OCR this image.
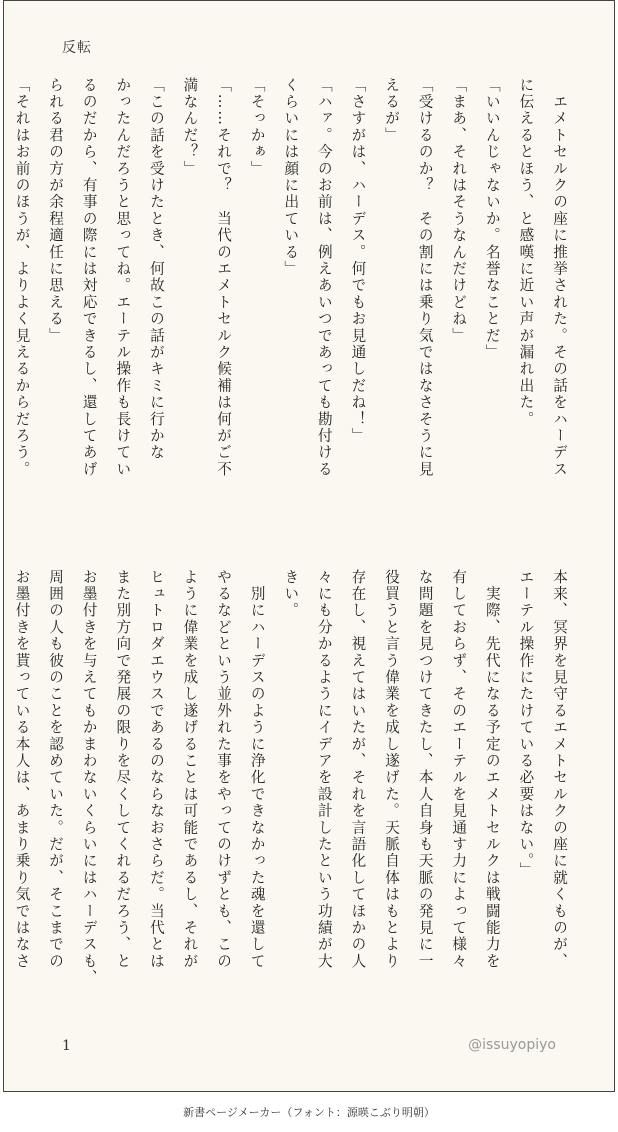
反転
　エメトセルクの座に推挙された。その話をハーデス
に伝えるとほう、と感嘆に近い声が漏れ出た。
「いいんじゃないか。名誉なことだ」
「まあ、それはそうなんだけどね」
「受けるのか？　その割には乗り気ではなさそうに見
えるが」
「さすがは、ハーデス。何でもお見通しだね！」
「ハァ。今のお前は、例えあいつであっても勘付ける
くらいには顔に出ている」
「そっかぁ」
「……それで？　当代のエメトセルク候補は何がご不
満なんだ？」
「この話を受けたとき、何故この話がキミに行かな
かったんだろうと思ってね。エーテル操作も長けてい
るのだから、有事の際には対応できるし、還してあげ
られる君の方が余程適任に思える」
「それはお前のほうが、よりよく見えるからだろう。
本来、冥界を見守るエメトセルクの座に就くものが、
エーテル操作にたけている必要はない。」
　実際、先代になる予定のエメトセルクは戦闘能力を
有しておらず、そのエーテルを見通す力によって様々
な問題を見つけてきたし、本人自身も天脈の発見に一
役買うと言う偉業を成し遂げた。天脈自体はもとより
存在し、視えてはいたが、それを言語化してほかの人
々にも分かるようにイデアを設計したという功績が大
きい。
　別にハーデスのように浄化できなかった魂を還して
やるなどという並外れた事をやってのけずとも、この
ように偉業を成し遂げることは可能であるし、それが
ヒュトロダエウスであるのならなおさらだ。当代とは
また別方向で発展の限りを尽くしてくれるだろう、と
お墨付きを与えてもかまわないくらいにはハーデスも、
周囲の人も彼のことを認めていた。だが、そこまでの
お墨付きを貰っている本人は、あまり乗り気ではなさ
1	@issuyopiyo
新書ページメーカー（フォント：源暎こぶり明朝）
